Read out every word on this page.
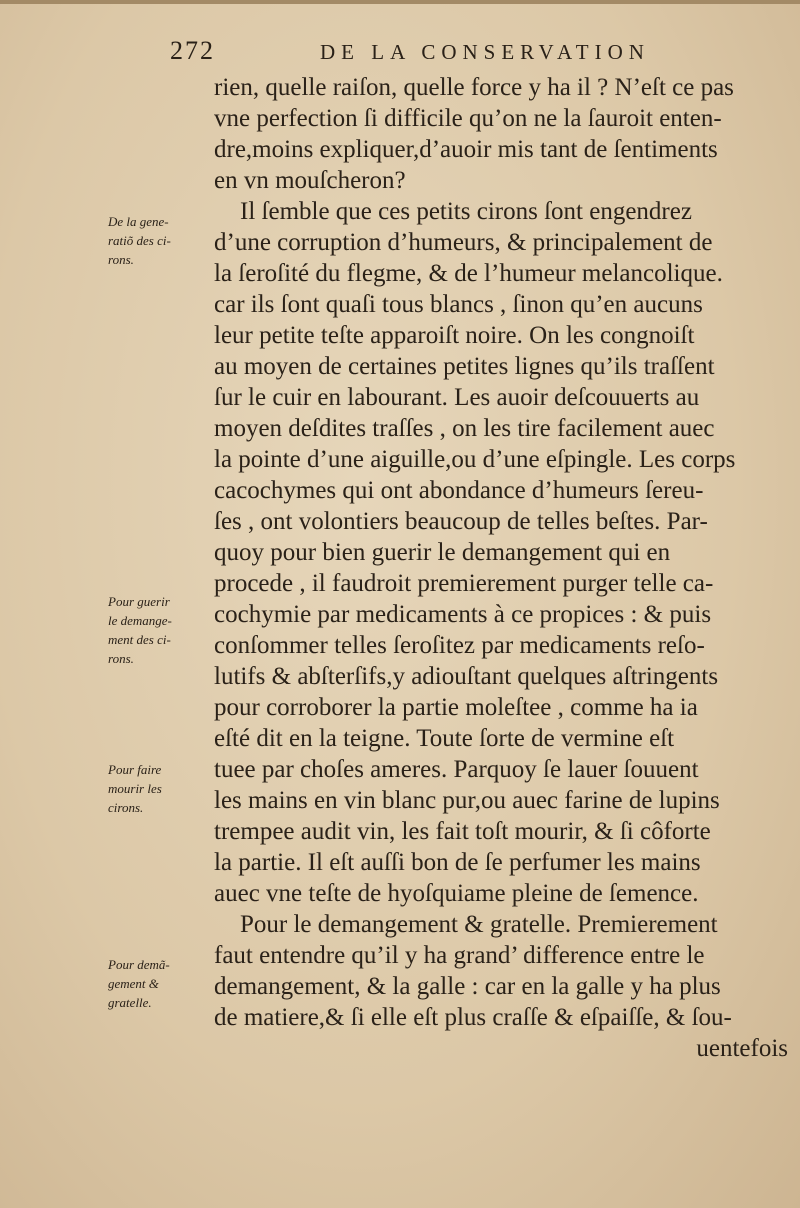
272	DE LA CONSERVATION
rien, quelle raiſon, quelle force y ha il ? N’eſt ce pas
vne perfection ſi difficile qu’on ne la ſauroit enten-
dre,moins expliquer,d’auoir mis tant de ſentiments
en vn mouſcheron?
Il ſemble que ces petits cirons ſont engendrez
d’une corruption d’humeurs, & principalement de
la ſeroſité du flegme, & de l’humeur melancolique.
car ils ſont quaſi tous blancs , ſinon qu’en aucuns
leur petite teſte apparoiſt noire. On les congnoiſt
au moyen de certaines petites lignes qu’ils traſſent
ſur le cuir en labourant. Les auoir deſcouuerts au
moyen deſdites traſſes , on les tire facilement auec
la pointe d’une aiguille,ou d’une eſpingle. Les corps
cacochymes qui ont abondance d’humeurs ſereu-
ſes , ont volontiers beaucoup de telles beſtes. Par-
quoy pour bien guerir le demangement qui en
procede , il faudroit premierement purger telle ca-
cochymie par medicaments à ce propices : & puis
conſommer telles ſeroſitez par medicaments reſo-
lutifs & abſterſifs,y adiouſtant quelques aſtringents
pour corroborer la partie moleſtee , comme ha ia
eſté dit en la teigne. Toute ſorte de vermine eſt
tuee par choſes ameres. Parquoy ſe lauer ſouuent
les mains en vin blanc pur,ou auec farine de lupins
trempee audit vin, les fait toſt mourir, & ſi côforte
la partie. Il eſt auſſi bon de ſe perfumer les mains
auec vne teſte de hyoſquiame pleine de ſemence.
Pour le demangement & gratelle. Premierement
faut entendre qu’il y ha grand’ difference entre le
demangement, & la galle : car en la galle y ha plus
de matiere,& ſi elle eſt plus craſſe & eſpaiſſe, & ſou-
uentefois
De la gene-
ratiõ des ci-
rons.
Pour guerir
le demange-
ment des ci-
rons.
Pour faire
mourir les
cirons.
Pour demã-
gement &
gratelle.
